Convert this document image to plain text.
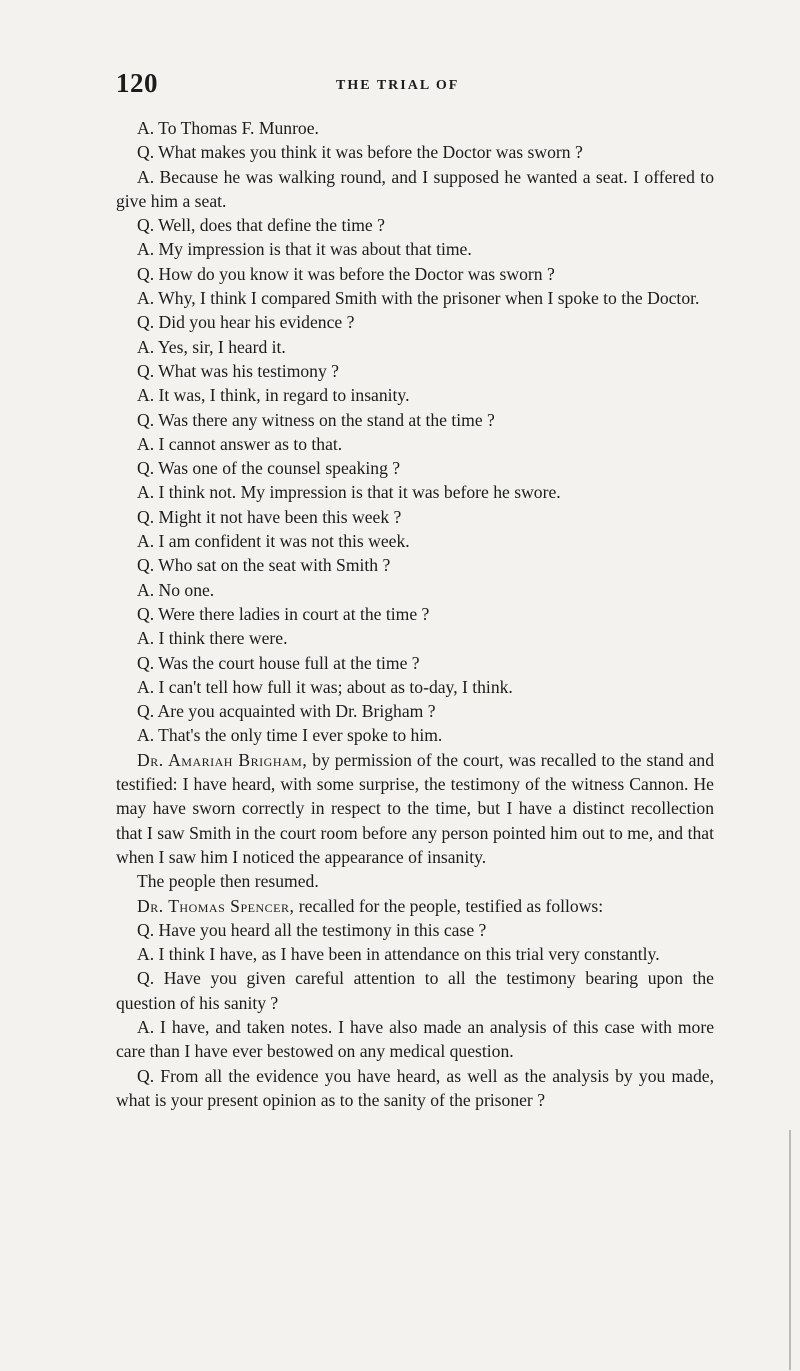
120	THE TRIAL OF

A. To Thomas F. Munroe.

Q. What makes you think it was before the Doctor was sworn ?

A. Because he was walking round, and I supposed he wanted a seat. I offered to give him a seat.

Q. Well, does that define the time ?

A. My impression is that it was about that time.

Q. How do you know it was before the Doctor was sworn ?

A. Why, I think I compared Smith with the prisoner when I spoke to the Doctor.

Q. Did you hear his evidence ?

A. Yes, sir, I heard it.

Q. What was his testimony ?

A. It was, I think, in regard to insanity.

Q. Was there any witness on the stand at the time ?

A. I cannot answer as to that.

Q. Was one of the counsel speaking ?

A. I think not. My impression is that it was before he swore.

Q. Might it not have been this week ?

A. I am confident it was not this week.

Q. Who sat on the seat with Smith ?

A. No one.

Q. Were there ladies in court at the time ?

A. I think there were.

Q. Was the court house full at the time ?

A. I can't tell how full it was; about as to-day, I think.

Q. Are you acquainted with Dr. Brigham ?

A. That's the only time I ever spoke to him.

Dr. Amariah Brigham, by permission of the court, was recalled to the stand and testified: I have heard, with some surprise, the testimony of the witness Cannon. He may have sworn correctly in respect to the time, but I have a distinct recollection that I saw Smith in the court room before any person pointed him out to me, and that when I saw him I noticed the appearance of insanity.

The people then resumed.

Dr. Thomas Spencer, recalled for the people, testified as follows:

Q. Have you heard all the testimony in this case ?

A. I think I have, as I have been in attendance on this trial very constantly.

Q. Have you given careful attention to all the testimony bearing upon the question of his sanity ?

A. I have, and taken notes. I have also made an analysis of this case with more care than I have ever bestowed on any medical question.

Q. From all the evidence you have heard, as well as the analysis by you made, what is your present opinion as to the sanity of the prisoner ?
